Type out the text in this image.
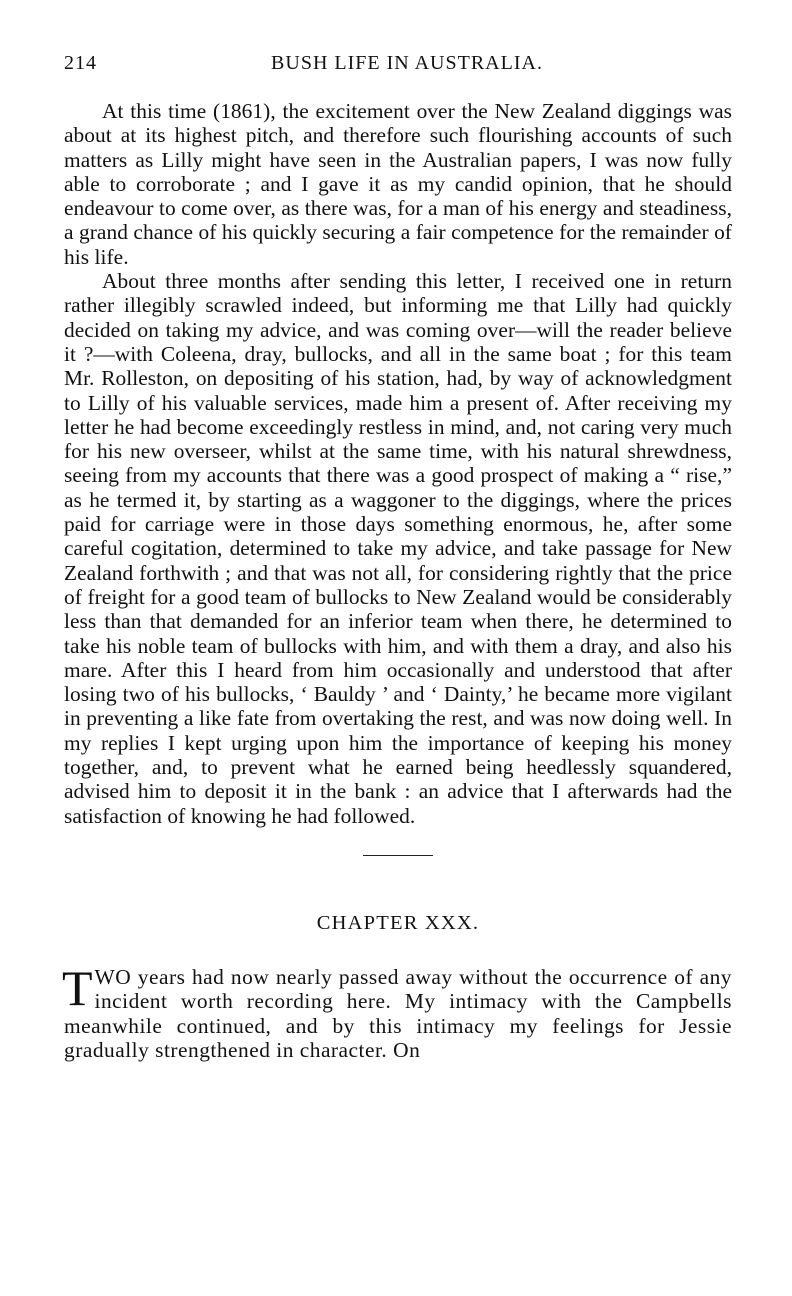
214	BUSH LIFE IN AUSTRALIA.

At this time (1861), the excitement over the New Zealand diggings was about at its highest pitch, and therefore such flourishing accounts of such matters as Lilly might have seen in the Australian papers, I was now fully able to corroborate ; and I gave it as my candid opinion, that he should endeavour to come over, as there was, for a man of his energy and steadiness, a grand chance of his quickly securing a fair competence for the remainder of his life.

About three months after sending this letter, I received one in return rather illegibly scrawled indeed, but informing me that Lilly had quickly decided on taking my advice, and was coming over—will the reader believe it ?—with Coleena, dray, bullocks, and all in the same boat ; for this team Mr. Rolleston, on depositing of his station, had, by way of acknowledgment to Lilly of his valuable services, made him a present of. After receiving my letter he had become exceedingly restless in mind, and, not caring very much for his new overseer, whilst at the same time, with his natural shrewdness, seeing from my accounts that there was a good prospect of making a “ rise,” as he termed it, by starting as a waggoner to the diggings, where the prices paid for carriage were in those days something enormous, he, after some careful cogitation, determined to take my advice, and take passage for New Zealand forthwith ; and that was not all, for considering rightly that the price of freight for a good team of bullocks to New Zealand would be considerably less than that demanded for an inferior team when there, he determined to take his noble team of bullocks with him, and with them a dray, and also his mare. After this I heard from him occasionally and understood that after losing two of his bullocks, ‘ Bauldy ’ and ‘ Dainty,’ he became more vigilant in preventing a like fate from overtaking the rest, and was now doing well. In my replies I kept urging upon him the importance of keeping his money together, and, to prevent what he earned being heedlessly squandered, advised him to deposit it in the bank : an advice that I afterwards had the satisfaction of knowing he had followed.

CHAPTER XXX.

TWO years had now nearly passed away without the occurrence of any incident worth recording here. My intimacy with the Campbells meanwhile continued, and by this intimacy my feelings for Jessie gradually strengthened in character. On
